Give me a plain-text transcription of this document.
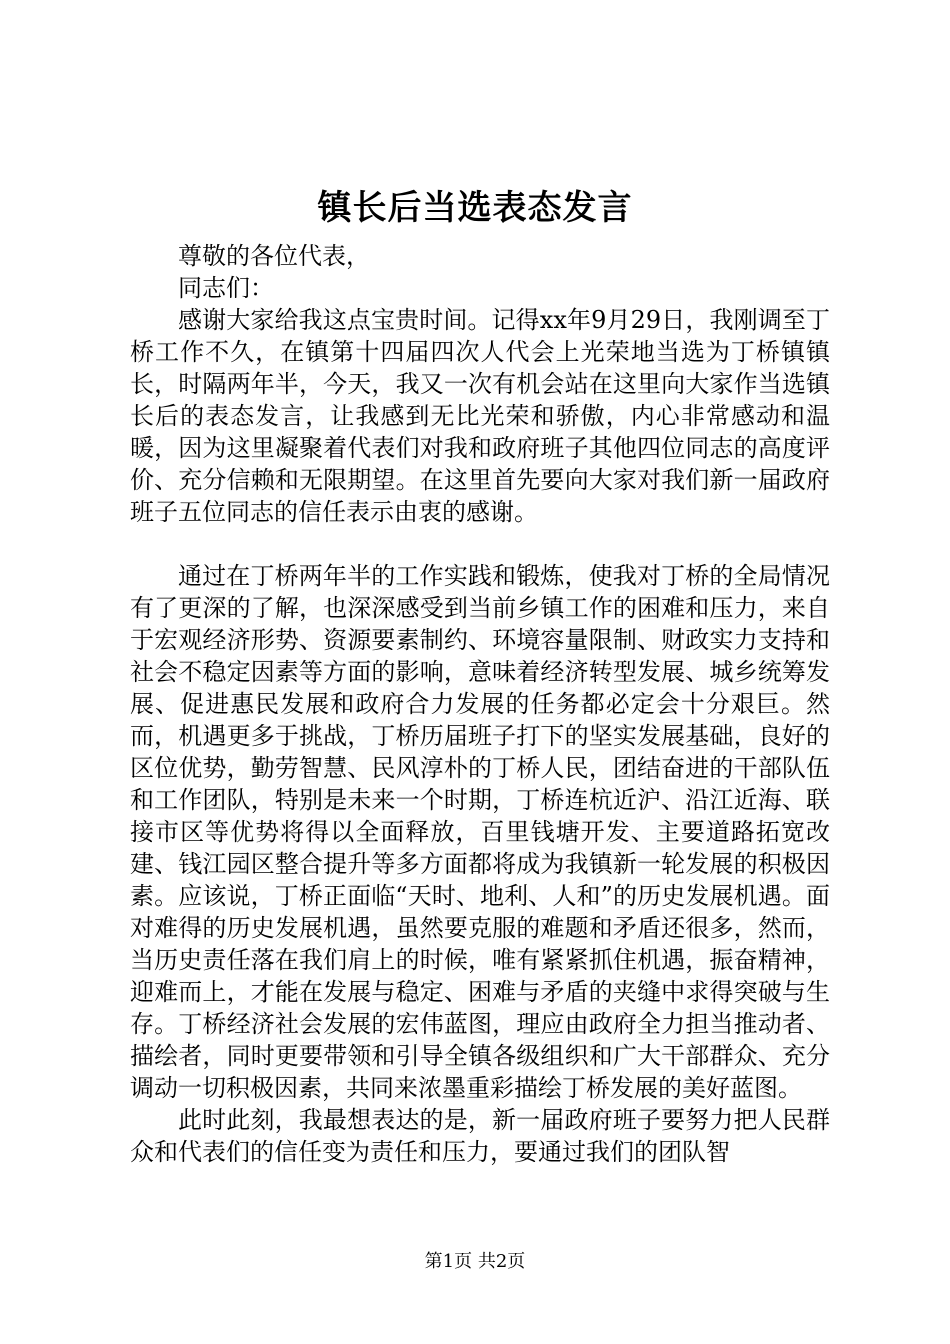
镇长后当选表态发言

尊敬的各位代表，

同志们：

感谢大家给我这点宝贵时间。记得xx年9月29日，我刚调至丁桥工作不久，在镇第十四届四次人代会上光荣地当选为丁桥镇镇长，时隔两年半，今天，我又一次有机会站在这里向大家作当选镇长后的表态发言，让我感到无比光荣和骄傲，内心非常感动和温暖，因为这里凝聚着代表们对我和政府班子其他四位同志的高度评价、充分信赖和无限期望。在这里首先要向大家对我们新一届政府班子五位同志的信任表示由衷的感谢。

通过在丁桥两年半的工作实践和锻炼，使我对丁桥的全局情况有了更深的了解，也深深感受到当前乡镇工作的困难和压力，来自于宏观经济形势、资源要素制约、环境容量限制、财政实力支持和社会不稳定因素等方面的影响，意味着经济转型发展、城乡统筹发展、促进惠民发展和政府合力发展的任务都必定会十分艰巨。然而，机遇更多于挑战，丁桥历届班子打下的坚实发展基础，良好的区位优势，勤劳智慧、民风淳朴的丁桥人民，团结奋进的干部队伍和工作团队，特别是未来一个时期，丁桥连杭近沪、沿江近海、联接市区等优势将得以全面释放，百里钱塘开发、主要道路拓宽改建、钱江园区整合提升等多方面都将成为我镇新一轮发展的积极因素。应该说，丁桥正面临“天时、地利、人和”的历史发展机遇。面对难得的历史发展机遇，虽然要克服的难题和矛盾还很多，然而，当历史责任落在我们肩上的时候，唯有紧紧抓住机遇，振奋精神，迎难而上，才能在发展与稳定、困难与矛盾的夹缝中求得突破与生存。丁桥经济社会发展的宏伟蓝图，理应由政府全力担当推动者、描绘者，同时更要带领和引导全镇各级组织和广大干部群众、充分调动一切积极因素，共同来浓墨重彩描绘丁桥发展的美好蓝图。

此时此刻，我最想表达的是，新一届政府班子要努力把人民群众和代表们的信任变为责任和压力，要通过我们的团队智

第1页 共2页
